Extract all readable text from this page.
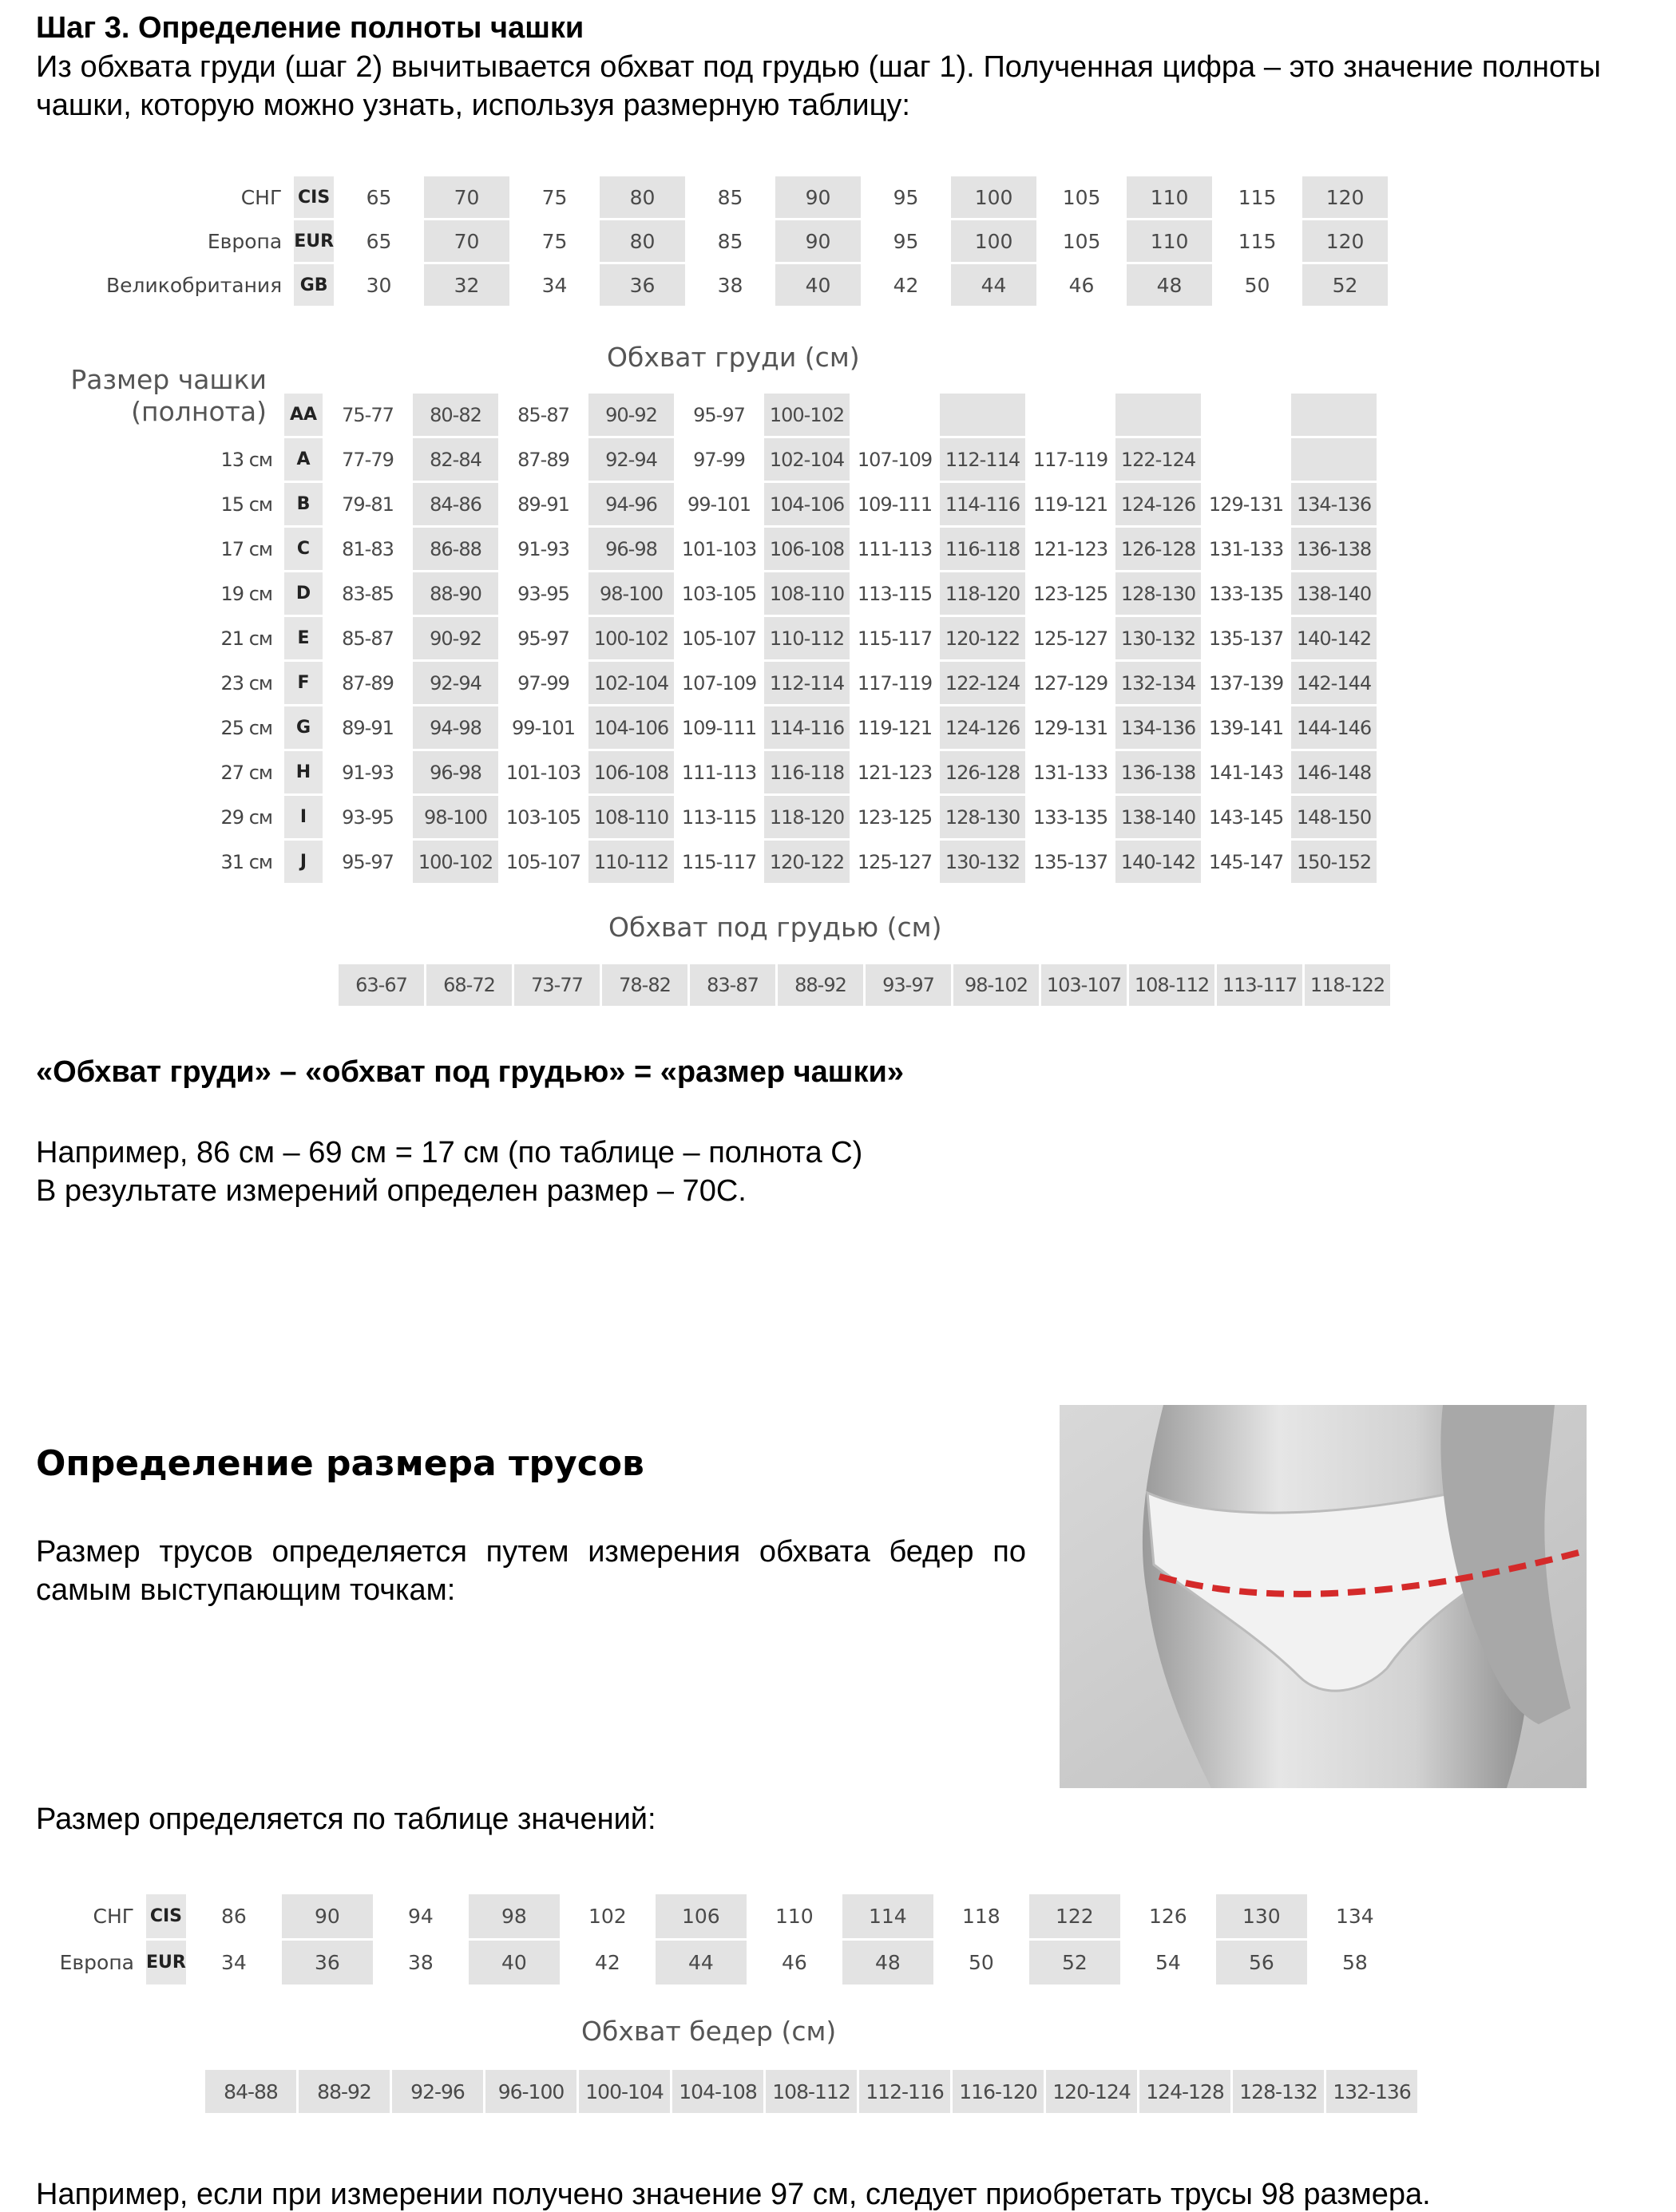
Шаг 3. Определение полноты чашки

Из обхвата груди (шаг 2) вычитывается обхват под грудью (шаг 1). Полученная цифра – это значение полноты чашки, которую можно узнать, используя размерную таблицу:

СНГ	CIS	65	70	75	80	85	90	95	100	105	110	115	120
Европа	EUR	65	70	75	80	85	90	95	100	105	110	115	120
Великобритания	GB	30	32	34	36	38	40	42	44	46	48	50	52
Обхват груди (см)
Размер чашки (полнота)
	AA	75-77	80-82	85-87	90-92	95-97	100-102						
13 см	A	77-79	82-84	87-89	92-94	97-99	102-104	107-109	112-114	117-119	122-124		
15 см	B	79-81	84-86	89-91	94-96	99-101	104-106	109-111	114-116	119-121	124-126	129-131	134-136
17 см	C	81-83	86-88	91-93	96-98	101-103	106-108	111-113	116-118	121-123	126-128	131-133	136-138
19 см	D	83-85	88-90	93-95	98-100	103-105	108-110	113-115	118-120	123-125	128-130	133-135	138-140
21 см	E	85-87	90-92	95-97	100-102	105-107	110-112	115-117	120-122	125-127	130-132	135-137	140-142
23 см	F	87-89	92-94	97-99	102-104	107-109	112-114	117-119	122-124	127-129	132-134	137-139	142-144
25 см	G	89-91	94-98	99-101	104-106	109-111	114-116	119-121	124-126	129-131	134-136	139-141	144-146
27 см	H	91-93	96-98	101-103	106-108	111-113	116-118	121-123	126-128	131-133	136-138	141-143	146-148
29 см	I	93-95	98-100	103-105	108-110	113-115	118-120	123-125	128-130	133-135	138-140	143-145	148-150
31 см	J	95-97	100-102	105-107	110-112	115-117	120-122	125-127	130-132	135-137	140-142	145-147	150-152
Обхват под грудью (см)
63-67	68-72	73-77	78-82	83-87	88-92	93-97	98-102	103-107	108-112	113-117	118-122

«Обхват груди» – «обхват под грудью» = «размер чашки»

Например, 86 см – 69 см = 17 см (по таблице – полнота С)
В результате измерений определен размер – 70С.
Определение размера трусов

Размер трусов определяется путем измерения обхвата бедер по самым выступающим точкам:

Размер определяется по таблице значений:

СНГ	CIS	86	90	94	98	102	106	110	114	118	122	126	130	134
Европа	EUR	34	36	38	40	42	44	46	48	50	52	54	56	58
Обхват бедер (см)
84-88	88-92	92-96	96-100	100-104	104-108	108-112	112-116	116-120	120-124	124-128	128-132	132-136

Например, если при измерении получено значение 97 см, следует приобретать трусы 98 размера.
